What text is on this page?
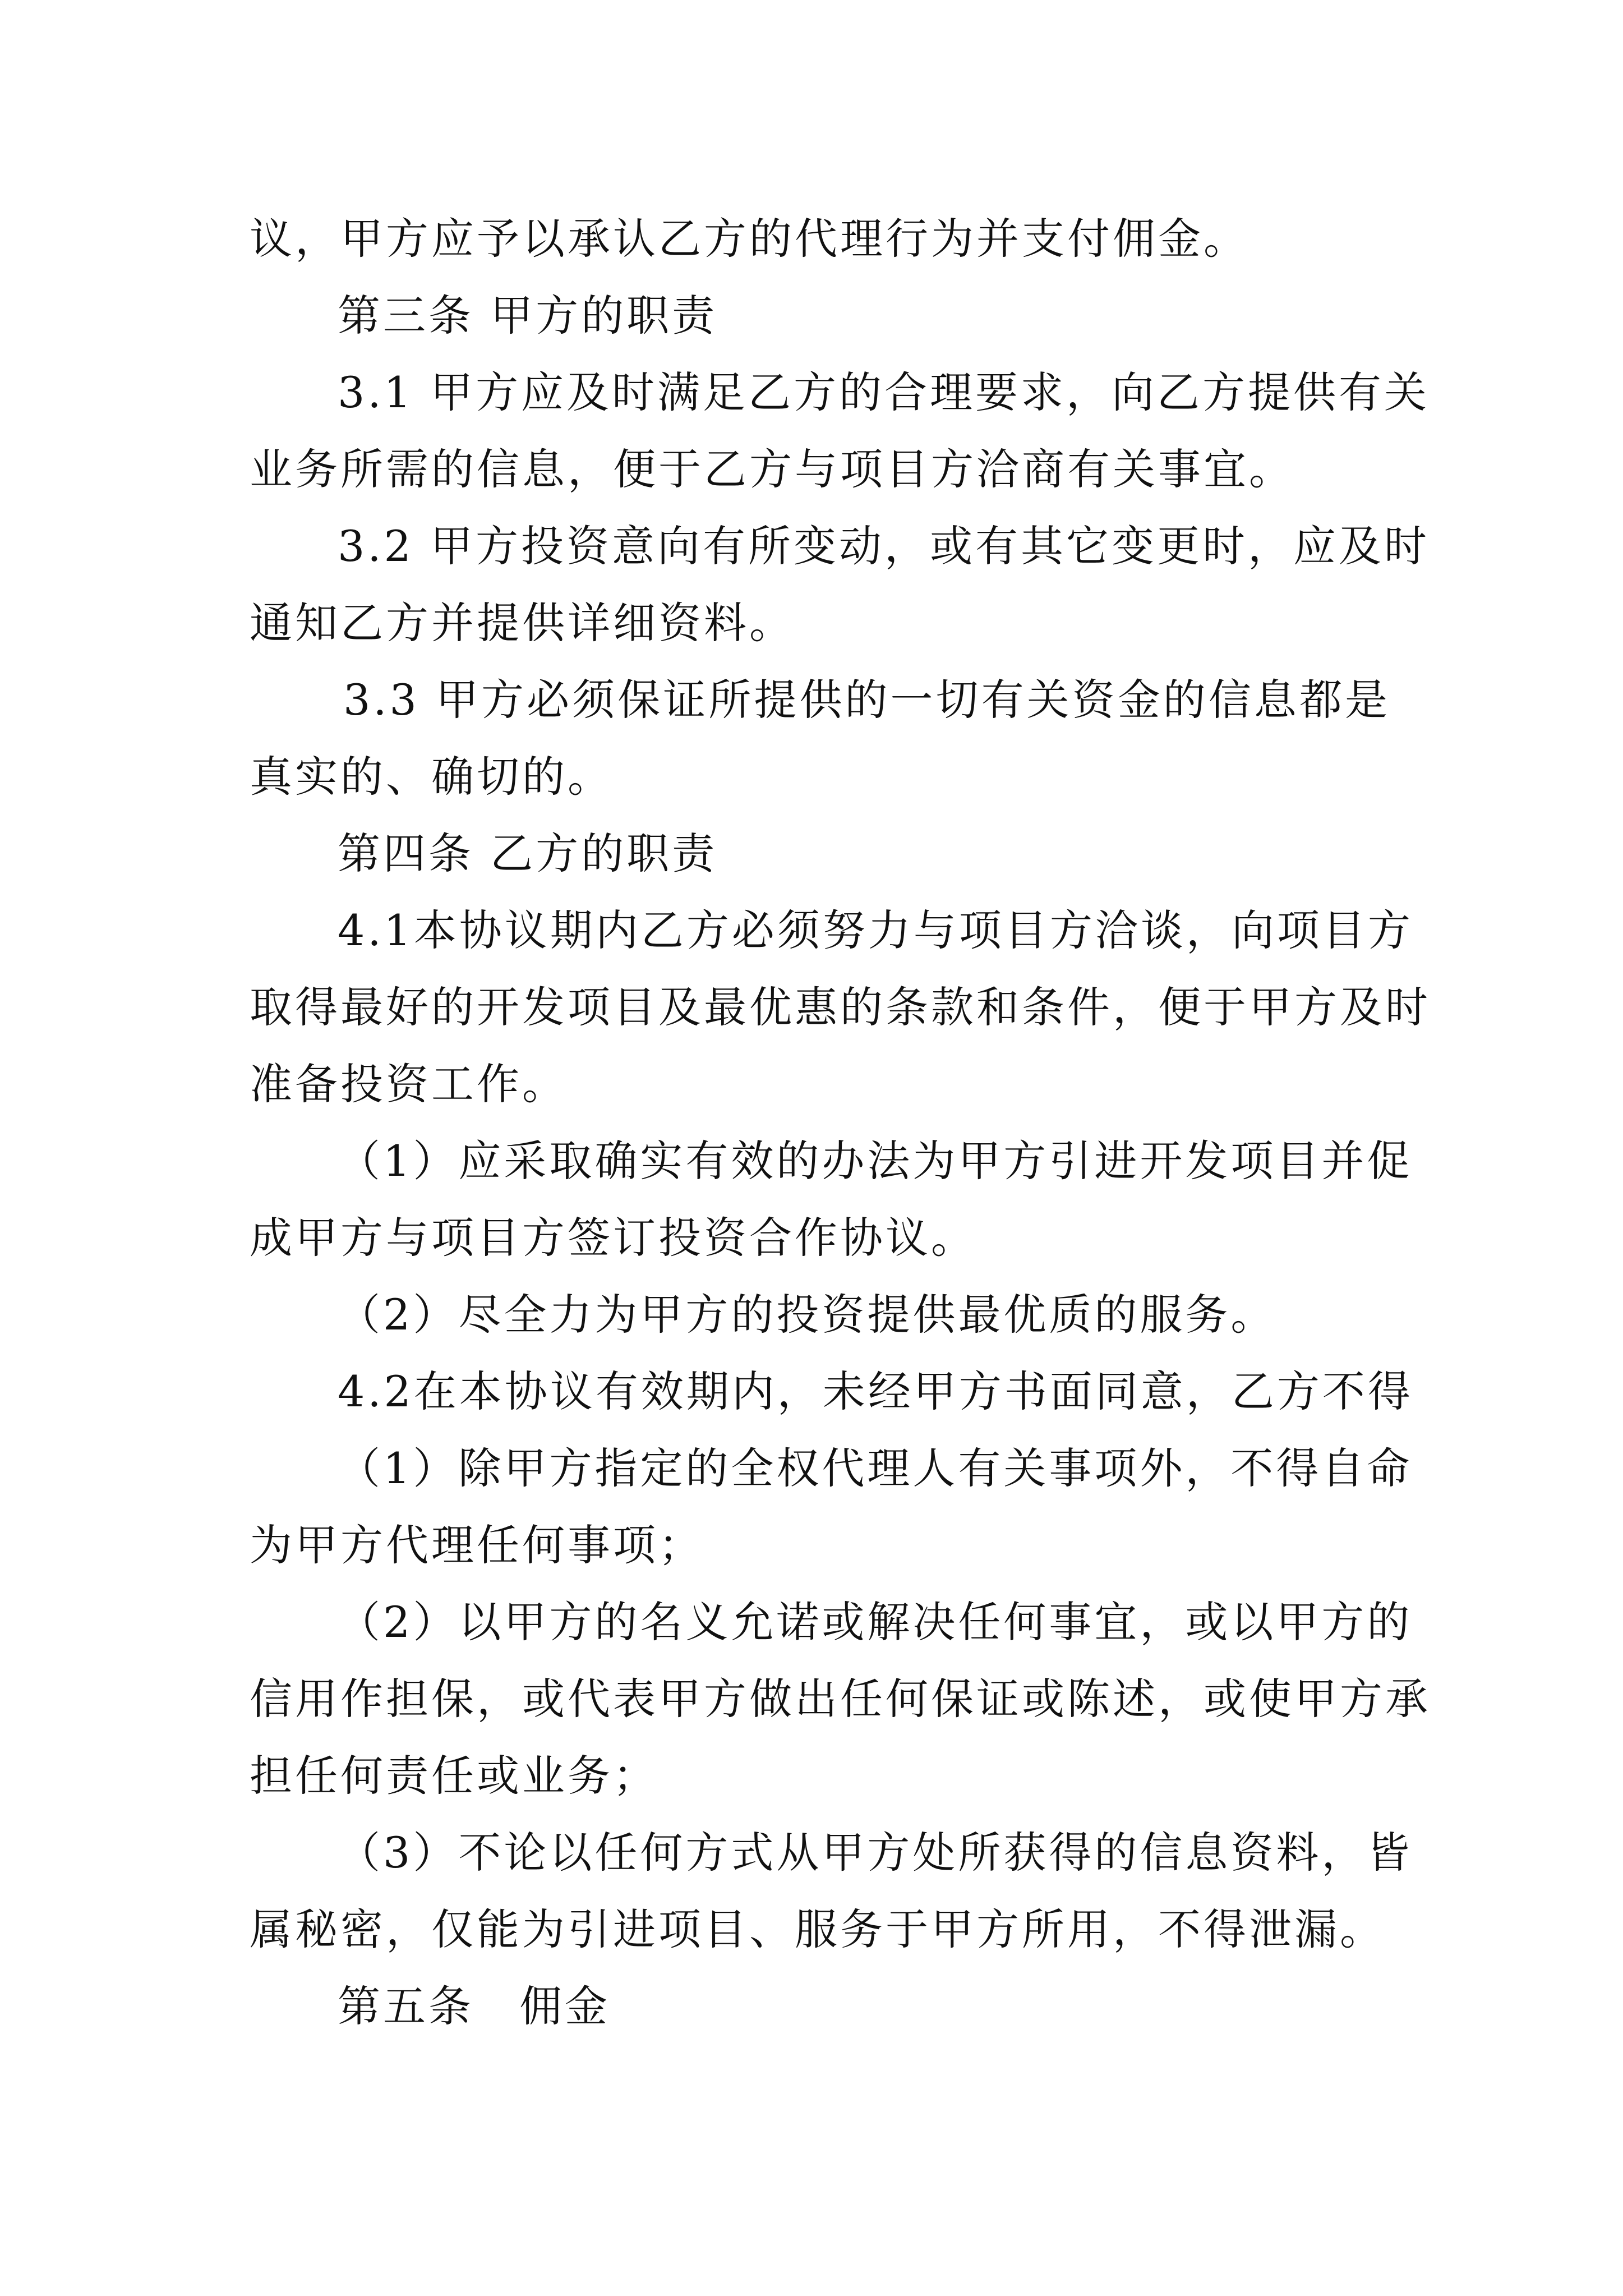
议，甲方应予以承认乙方的代理行为并支付佣金。
第三条 甲方的职责
3.1 甲方应及时满足乙方的合理要求，向乙方提供有关
业务所需的信息，便于乙方与项目方洽商有关事宜。
3.2 甲方投资意向有所变动，或有其它变更时，应及时
通知乙方并提供详细资料。
3.3 甲方必须保证所提供的一切有关资金的信息都是
真实的、确切的。
第四条 乙方的职责
4.1本协议期内乙方必须努力与项目方洽谈，向项目方
取得最好的开发项目及最优惠的条款和条件，便于甲方及时
准备投资工作。
（1）应采取确实有效的办法为甲方引进开发项目并促
成甲方与项目方签订投资合作协议。
（2）尽全力为甲方的投资提供最优质的服务。
4.2在本协议有效期内，未经甲方书面同意，乙方不得
（1）除甲方指定的全权代理人有关事项外，不得自命
为甲方代理任何事项；
（2）以甲方的名义允诺或解决任何事宜，或以甲方的
信用作担保，或代表甲方做出任何保证或陈述，或使甲方承
担任何责任或业务；
（3）不论以任何方式从甲方处所获得的信息资料，皆
属秘密，仅能为引进项目、服务于甲方所用，不得泄漏。
第五条　佣金
